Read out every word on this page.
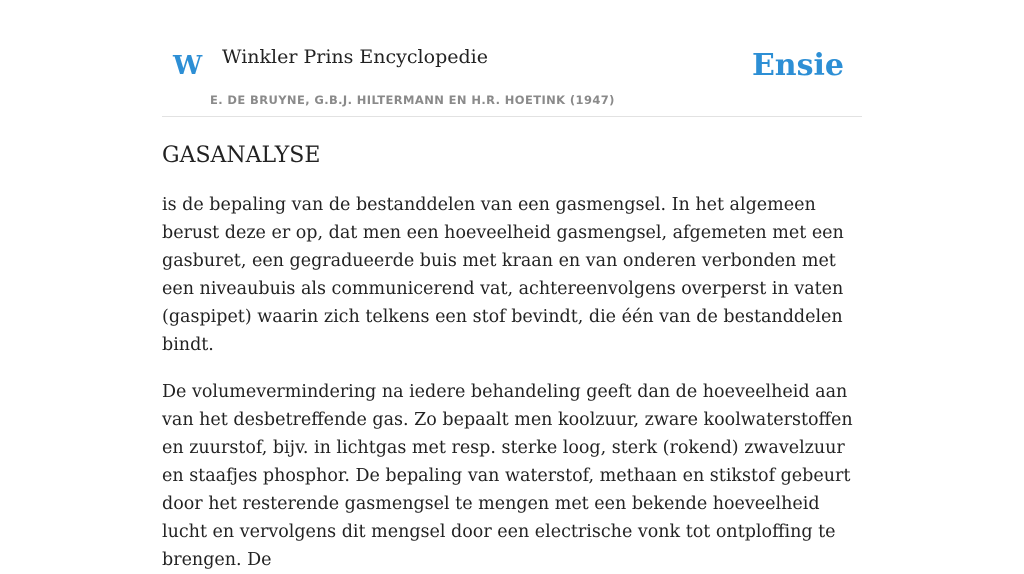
W Winkler Prins Encyclopedie
E. DE BRUYNE, G.B.J. HILTERMANN EN H.R. HOETINK (1947)
Ensie
GASANALYSE

is de bepaling van de bestanddelen van een gasmengsel. In het algemeen berust deze er op, dat men een hoeveelheid gasmengsel, afgemeten met een gasburet, een gegradueerde buis met kraan en van onderen verbonden met een niveaubuis als communicerend vat, achtereenvolgens overperst in vaten (gaspipet) waarin zich telkens een stof bevindt, die één van de bestanddelen bindt.

De volumevermindering na iedere behandeling geeft dan de hoeveelheid aan van het desbetreffende gas. Zo bepaalt men koolzuur, zware koolwaterstoffen en zuurstof, bijv. in lichtgas met resp. sterke loog, sterk (rokend) zwavelzuur en staafjes phosphor. De bepaling van waterstof, methaan en stikstof gebeurt door het resterende gasmengsel te mengen met een bekende hoeveelheid lucht en vervolgens dit mengsel door een electrische vonk tot ontploffing te brengen. De
